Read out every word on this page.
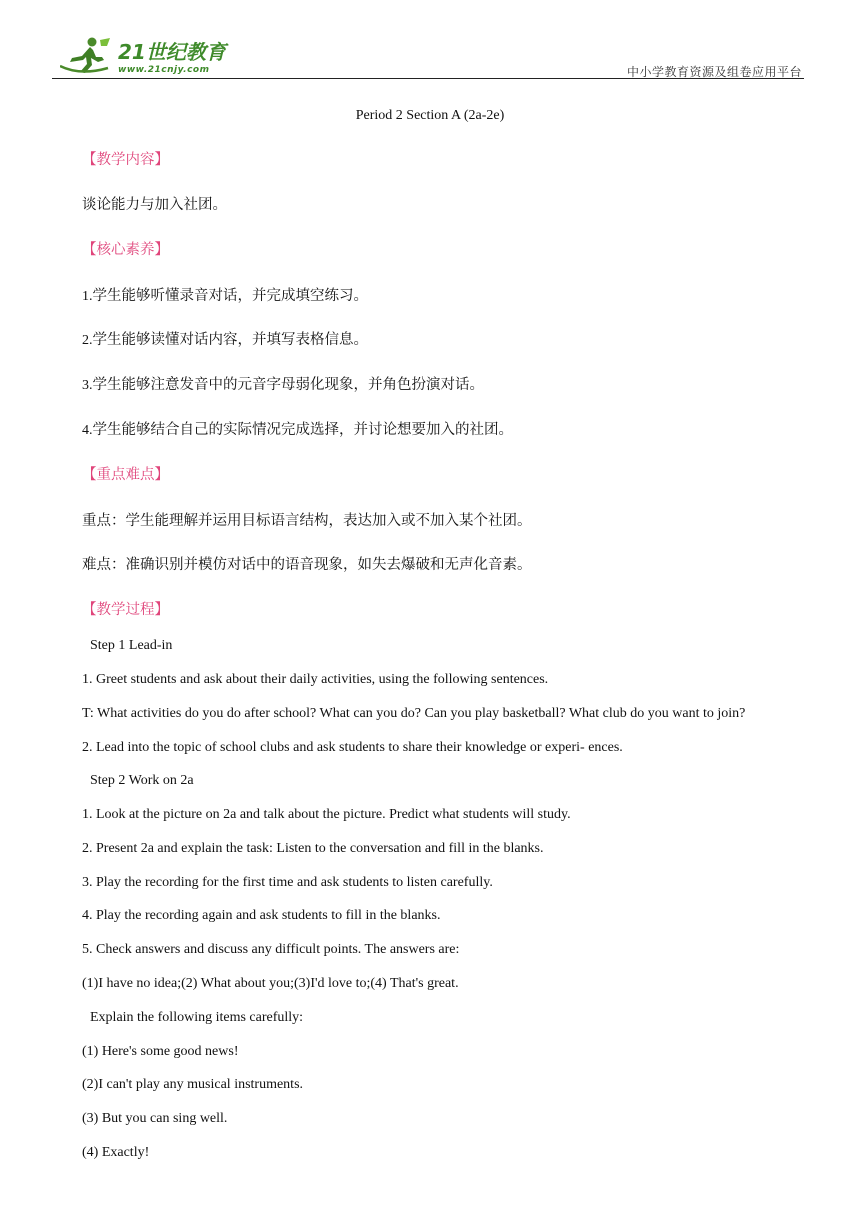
21世纪教育
www.21cnjy.com	中小学教育资源及组卷应用平台
Period 2 Section A (2a-2e)
【教学内容】
谈论能力与加入社团。
【核心素养】
1.学生能够听懂录音对话，并完成填空练习。
2.学生能够读懂对话内容，并填写表格信息。
3.学生能够注意发音中的元音字母弱化现象，并角色扮演对话。
4.学生能够结合自己的实际情况完成选择，并讨论想要加入的社团。
【重点难点】
重点：学生能理解并运用目标语言结构，表达加入或不加入某个社团。
难点：准确识别并模仿对话中的语音现象，如失去爆破和无声化音素。
【教学过程】
Step 1 Lead-in
1. Greet students and ask about their daily activities, using the following sentences.
T: What activities do you do after school? What can you do? Can you play basketball? What club do you want to join?
2. Lead into the topic of school clubs and ask students to share their knowledge or experi- ences.
Step 2 Work on 2a
1. Look at the picture on 2a and talk about the picture. Predict what students will study.
2. Present 2a and explain the task: Listen to the conversation and fill in the blanks.
3. Play the recording for the first time and ask students to listen carefully.
4. Play the recording again and ask students to fill in the blanks.
5. Check answers and discuss any difficult points. The answers are:
(1)I have no idea;(2) What about you;(3)I'd love to;(4) That's great.
Explain the following items carefully:
(1) Here's some good news!
(2)I can't play any musical instruments.
(3) But you can sing well.
(4) Exactly!
